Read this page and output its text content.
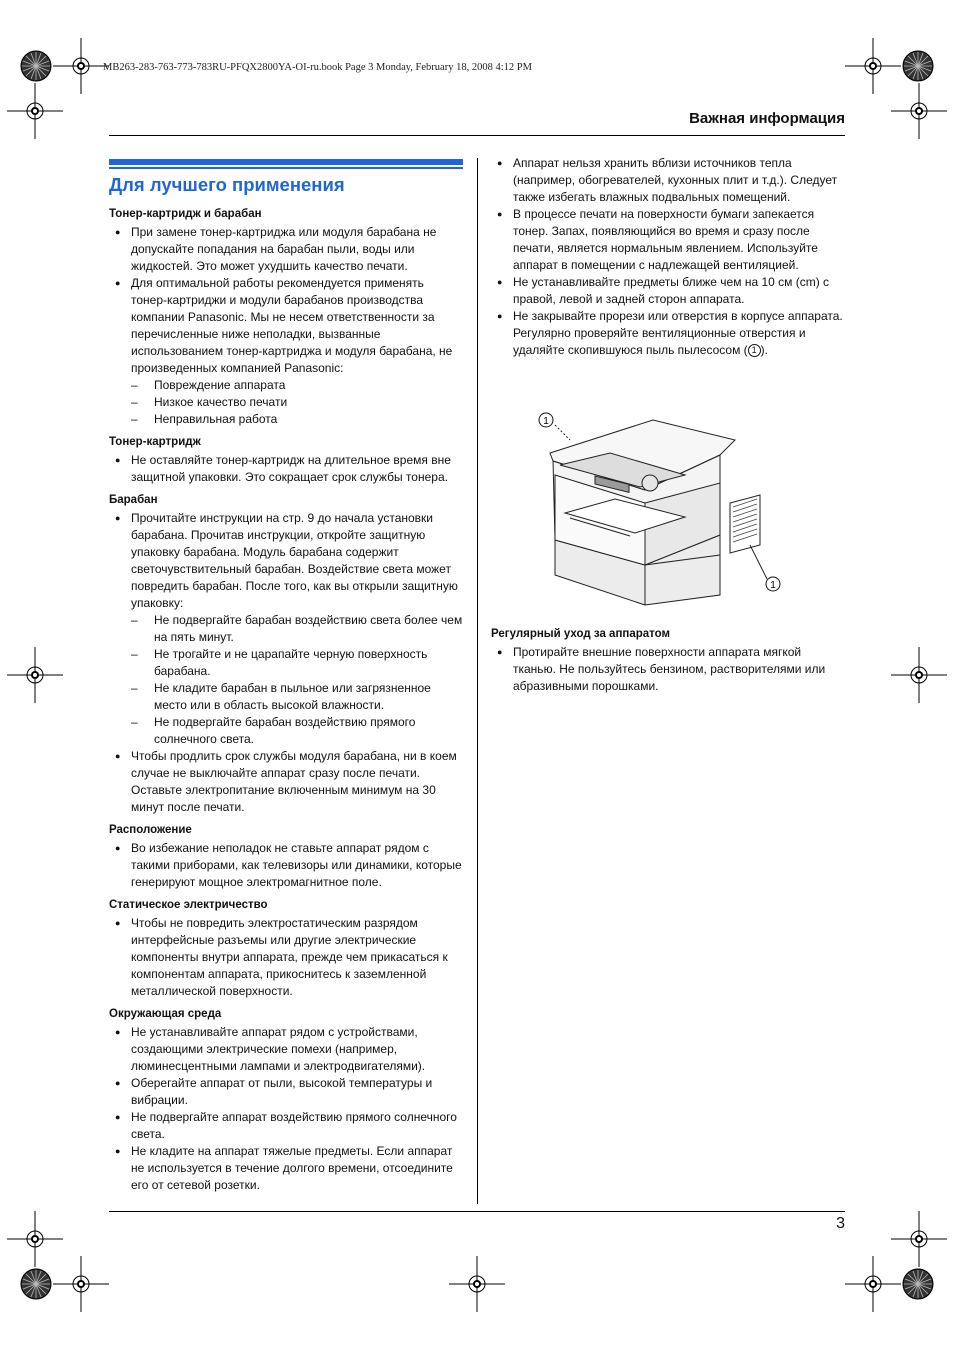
MB263-283-763-773-783RU-PFQX2800YA-OI-ru.book Page 3 Monday, February 18, 2008 4:12 PM
Важная информация
Для лучшего применения
Тонер-картридж и барабан
● При замене тонер-картриджа или модуля барабана не допускайте попадания на барабан пыли, воды или жидкостей. Это может ухудшить качество печати.
● Для оптимальной работы рекомендуется применять тонер-картриджи и модули барабанов производства компании Panasonic. Мы не несем ответственности за перечисленные ниже неполадки, вызванные использованием тонер-картриджа и модуля барабана, не произведенных компанией Panasonic:
– Повреждение аппарата
– Низкое качество печати
– Неправильная работа
Тонер-картридж
● Не оставляйте тонер-картридж на длительное время вне защитной упаковки. Это сокращает срок службы тонера.
Барабан
● Прочитайте инструкции на стр. 9 до начала установки барабана. Прочитав инструкции, откройте защитную упаковку барабана. Модуль барабана содержит светочувствительный барабан. Воздействие света может повредить барабан. После того, как вы открыли защитную упаковку:
– Не подвергайте барабан воздействию света более чем на пять минут.
– Не трогайте и не царапайте черную поверхность барабана.
– Не кладите барабан в пыльное или загрязненное место или в область высокой влажности.
– Не подвергайте барабан воздействию прямого солнечного света.
● Чтобы продлить срок службы модуля барабана, ни в коем случае не выключайте аппарат сразу после печати. Оставьте электропитание включенным минимум на 30 минут после печати.
Расположение
● Во избежание неполадок не ставьте аппарат рядом с такими приборами, как телевизоры или динамики, которые генерируют мощное электромагнитное поле.
Статическое электричество
● Чтобы не повредить электростатическим разрядом интерфейсные разъемы или другие электрические компоненты внутри аппарата, прежде чем прикасаться к компонентам аппарата, прикоснитесь к заземленной металлической поверхности.
Окружающая среда
● Не устанавливайте аппарат рядом с устройствами, создающими электрические помехи (например, люминесцентными лампами и электродвигателями).
● Оберегайте аппарат от пыли, высокой температуры и вибрации.
● Не подвергайте аппарат воздействию прямого солнечного света.
● Не кладите на аппарат тяжелые предметы. Если аппарат не используется в течение долгого времени, отсоедините его от сетевой розетки.
● Аппарат нельзя хранить вблизи источников тепла (например, обогревателей, кухонных плит и т.д.). Следует также избегать влажных подвальных помещений.
● В процессе печати на поверхности бумаги запекается тонер. Запах, появляющийся во время и сразу после печати, является нормальным явлением. Используйте аппарат в помещении с надлежащей вентиляцией.
● Не устанавливайте предметы ближе чем на 10 см (cm) с правой, левой и задней сторон аппарата.
● Не закрывайте прорези или отверстия в корпусе аппарата. Регулярно проверяйте вентиляционные отверстия и удаляйте скопившуюся пыль пылесосом ( 1 ).
1
1
Регулярный уход за аппаратом
● Протирайте внешние поверхности аппарата мягкой тканью. Не пользуйтесь бензином, растворителями или абразивными порошками.
3
